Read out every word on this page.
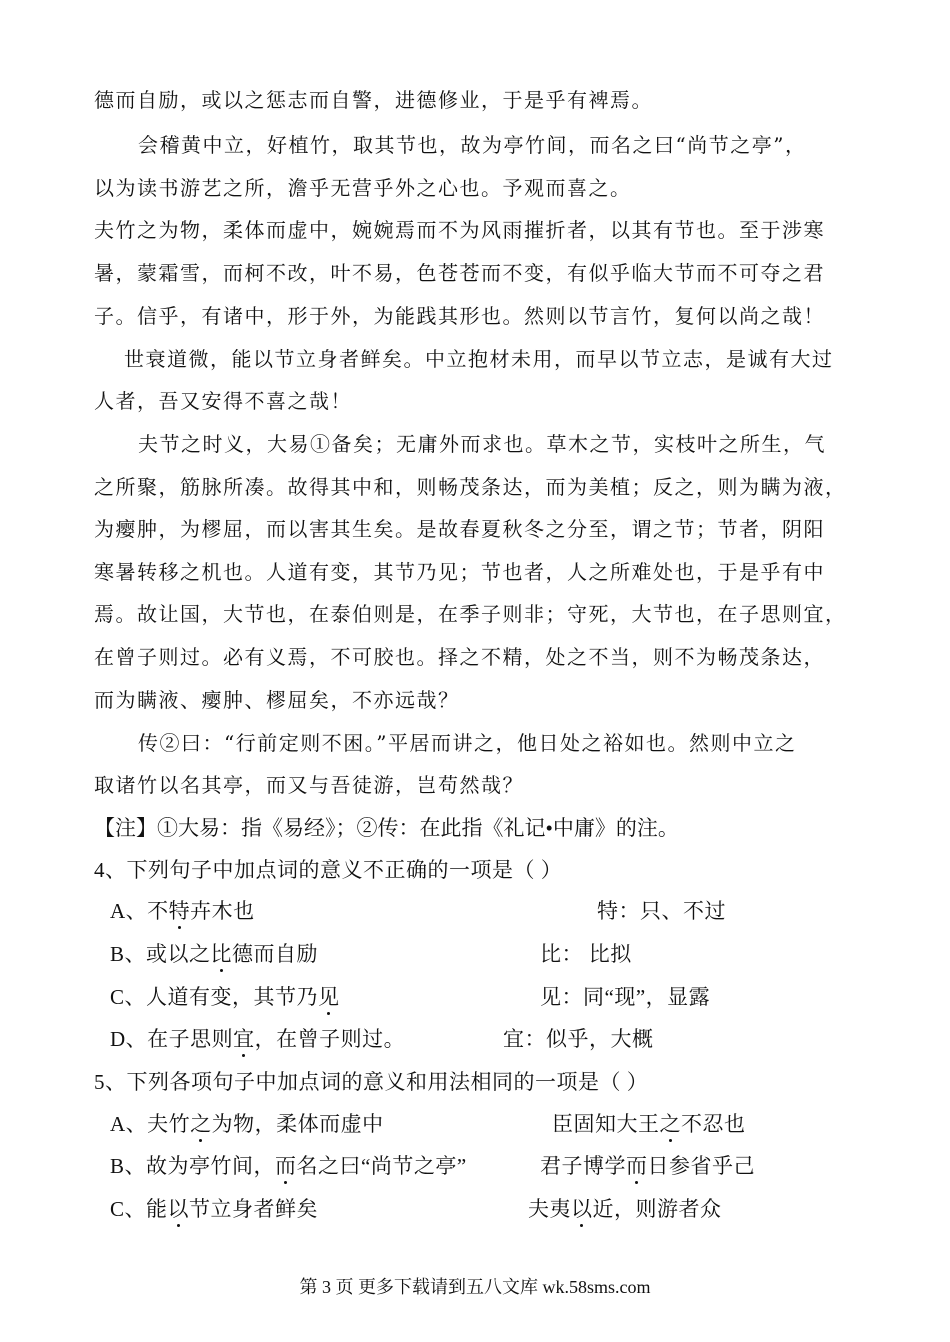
德而自励，或以之惩志而自警，进德修业，于是乎有裨焉。
会稽黄中立，好植竹，取其节也，故为亭竹间，而名之曰“尚节之亭”，
以为读书游艺之所，澹乎无营乎外之心也。予观而喜之。
夫竹之为物，柔体而虚中，婉婉焉而不为风雨摧折者，以其有节也。至于涉寒
暑，蒙霜雪，而柯不改，叶不易，色苍苍而不变，有似乎临大节而不可夺之君
子。信乎，有诸中，形于外，为能践其形也。然则以节言竹，复何以尚之哉！
世衰道微，能以节立身者鲜矣。中立抱材未用，而早以节立志，是诚有大过
人者，吾又安得不喜之哉！
夫节之时义，大易①备矣；无庸外而求也。草木之节，实枝叶之所生，气
之所聚，筋脉所凑。故得其中和，则畅茂条达，而为美植；反之，则为瞒为液，
为瘿肿，为樛屈，而以害其生矣。是故春夏秋冬之分至，谓之节；节者，阴阳
寒暑转移之机也。人道有变，其节乃见；节也者，人之所难处也，于是乎有中
焉。故让国，大节也，在泰伯则是，在季子则非；守死，大节也，在子思则宜，
在曾子则过。必有义焉，不可胶也。择之不精，处之不当，则不为畅茂条达，
而为瞒液、瘿肿、樛屈矣，不亦远哉？
传②曰：“行前定则不困。”平居而讲之，他日处之裕如也。然则中立之
取诸竹以名其亭，而又与吾徒游，岂苟然哉？
【注】①大易：指《易经》；②传：在此指《礼记•中庸》的注。
4、下列句子中加点词的意义不正确的一项是（ ）
A、不特卉木也	特：只、不过
B、或以之比德而自励	比： 比拟
C、人道有变，其节乃见	见：同“现”，显露
D、在子思则宜，在曾子则过。	宜：似乎，大概
5、下列各项句子中加点词的意义和用法相同的一项是（ ）
A、夫竹之为物，柔体而虚中	臣固知大王之不忍也
B、故为亭竹间，而名之曰“尚节之亭”	君子博学而日参省乎己
C、能以节立身者鲜矣	夫夷以近，则游者众
第 3 页 更多下载请到五八文库 wk.58sms.com
